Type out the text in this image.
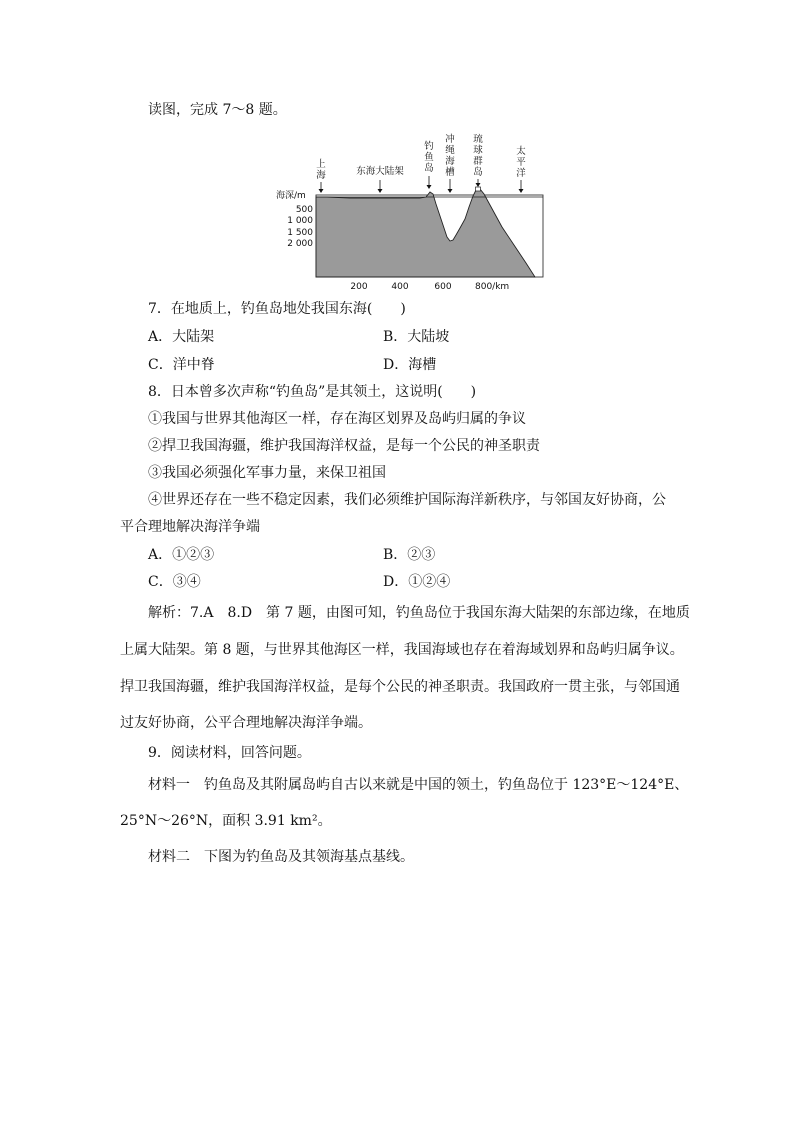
读图，完成 7～8 题。
上
海	东海大陆架
钓
鱼
岛
冲
绳
海
槽
琉
球
群
岛
太
平
洋
海深/m
500
1 000
1 500
2 000
200	400	600	800/km
7．在地质上，钓鱼岛地处我国东海(　　)
A．大陆架	B．大陆坡
C．洋中脊	D．海槽
8．日本曾多次声称“钓鱼岛”是其领土，这说明(　　)
①我国与世界其他海区一样，存在海区划界及岛屿归属的争议
②捍卫我国海疆，维护我国海洋权益，是每一个公民的神圣职责
③我国必须强化军事力量，来保卫祖国
④世界还存在一些不稳定因素，我们必须维护国际海洋新秩序，与邻国友好协商，公
平合理地解决海洋争端
A．①②③	B．②③
C．③④	D．①②④
解析：7.A　8.D　第 7 题，由图可知，钓鱼岛位于我国东海大陆架的东部边缘，在地质
上属大陆架。第 8 题，与世界其他海区一样，我国海域也存在着海域划界和岛屿归属争议。
捍卫我国海疆，维护我国海洋权益，是每个公民的神圣职责。我国政府一贯主张，与邻国通
过友好协商，公平合理地解决海洋争端。
9．阅读材料，回答问题。
材料一　钓鱼岛及其附属岛屿自古以来就是中国的领土，钓鱼岛位于 123°E～124°E、
25°N～26°N，面积 3.91 km²。
材料二　下图为钓鱼岛及其领海基点基线。
